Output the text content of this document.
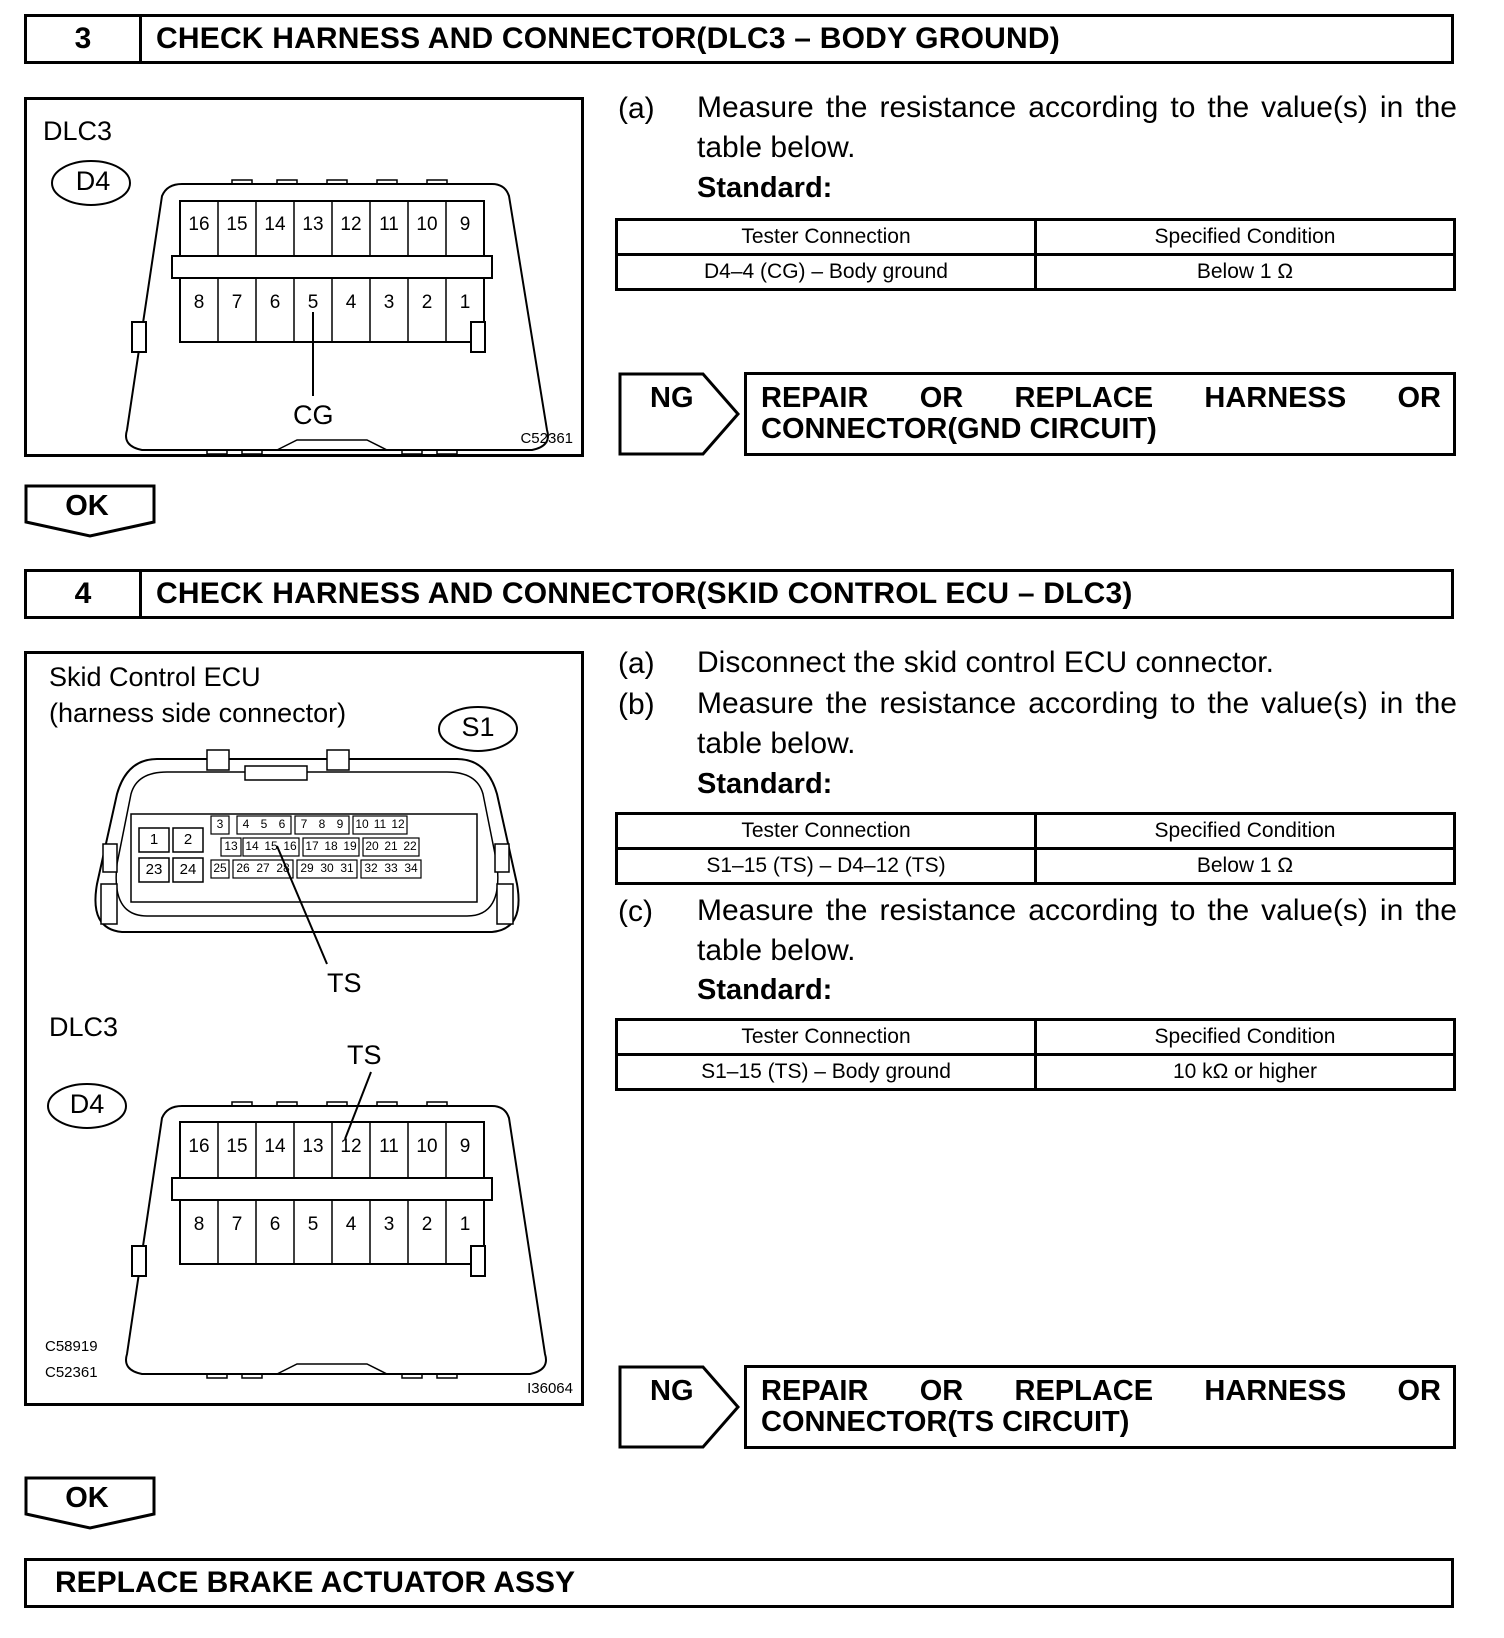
3	CHECK HARNESS AND CONNECTOR(DLC3 – BODY GROUND)
DLC3
D4
16 15 14 13 12 11 10	9
8	7	6	5	4	3	2	1
CG
C52361
(a) Measure the resistance according to the value(s) in the table below.
Standard:
Tester Connection	Specified Condition
D4–4 (CG) – Body ground	Below 1 Ω
NG REPAIR OR REPLACE HARNESS OR
CONNECTOR(GND CIRCUIT)
OK
4	CHECK HARNESS AND CONNECTOR(SKID CONTROL ECU – DLC3)
Skid Control ECU
(harness side connector)	S1
1	2
3	4 5 6	7 8 9 10 11 12
13 14 15 16 17 18 19 20 21 22
23	24	25 26 27 28 29 30 31 32 33 34
TS
DLC3
TS
D4
16 15 14 13 12 11 10	9
8	7	6	5	4	3	2	1
C58919
C52361
I36064
(a) Disconnect the skid control ECU connector.
(b) Measure the resistance according to the value(s) in the table below.
Standard:
Tester Connection	Specified Condition
S1–15 (TS) – D4–12 (TS)	Below 1 Ω
(c) Measure the resistance according to the value(s) in the table below.
Standard:
Tester Connection	Specified Condition
S1–15 (TS) – Body ground	10 kΩ or higher
NG REPAIR OR REPLACE HARNESS OR
CONNECTOR(TS CIRCUIT)
OK
REPLACE BRAKE ACTUATOR ASSY
